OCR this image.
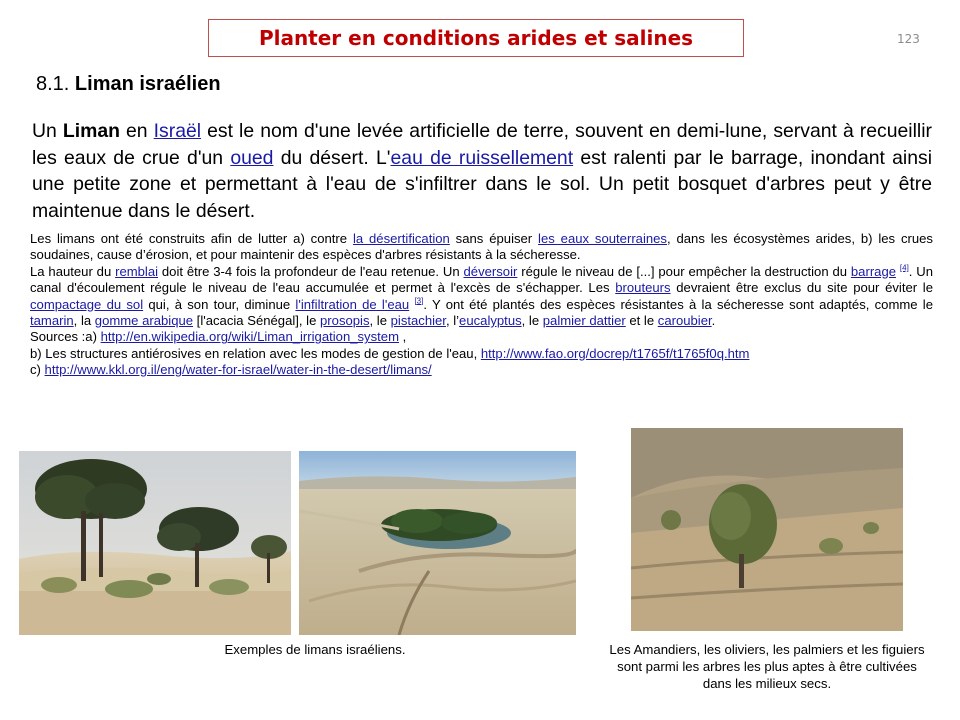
Planter en conditions arides et salines	123
8.1. Liman israélien
Un Liman en Israël est le nom d'une levée artificielle de terre, souvent en demi-lune, servant à recueillir les eaux de crue d'un oued du désert. L'eau de ruissellement est ralenti par le barrage, inondant ainsi une petite zone et permettant à l'eau de s'infiltrer dans le sol. Un petit bosquet d'arbres peut y être maintenue dans le désert.

Les limans ont été construits afin de lutter a) contre la désertification sans épuiser les eaux souterraines, dans les écosystèmes arides, b) les crues soudaines, cause d’érosion, et pour maintenir des espèces d'arbres résistants à la sécheresse.

La hauteur du remblai doit être 3-4 fois la profondeur de l'eau retenue. Un déversoir régule le niveau de [...] pour empêcher la destruction du barrage [4]. Un canal d'écoulement régule le niveau de l'eau accumulée et permet à l'excès de s'échapper. Les brouteurs devraient être exclus du site pour éviter le compactage du sol qui, à son tour, diminue l'infiltration de l'eau [3]. Y ont été plantés des espèces résistantes à la sécheresse sont adaptés, comme le tamarin, la gomme arabique [l'acacia Sénégal], le prosopis, le pistachier, l’eucalyptus, le palmier dattier et le caroubier.

Sources :a) http://en.wikipedia.org/wiki/Liman_irrigation_system ,

b) Les structures antiérosives en relation avec les modes de gestion de l'eau, http://www.fao.org/docrep/t1765f/t1765f0q.htm

c) http://www.kkl.org.il/eng/water-for-israel/water-in-the-desert/limans/

Exemples de limans israéliens.	Les Amandiers, les oliviers, les palmiers et les figuiers sont parmi les arbres les plus aptes à être cultivées dans les milieux secs.
